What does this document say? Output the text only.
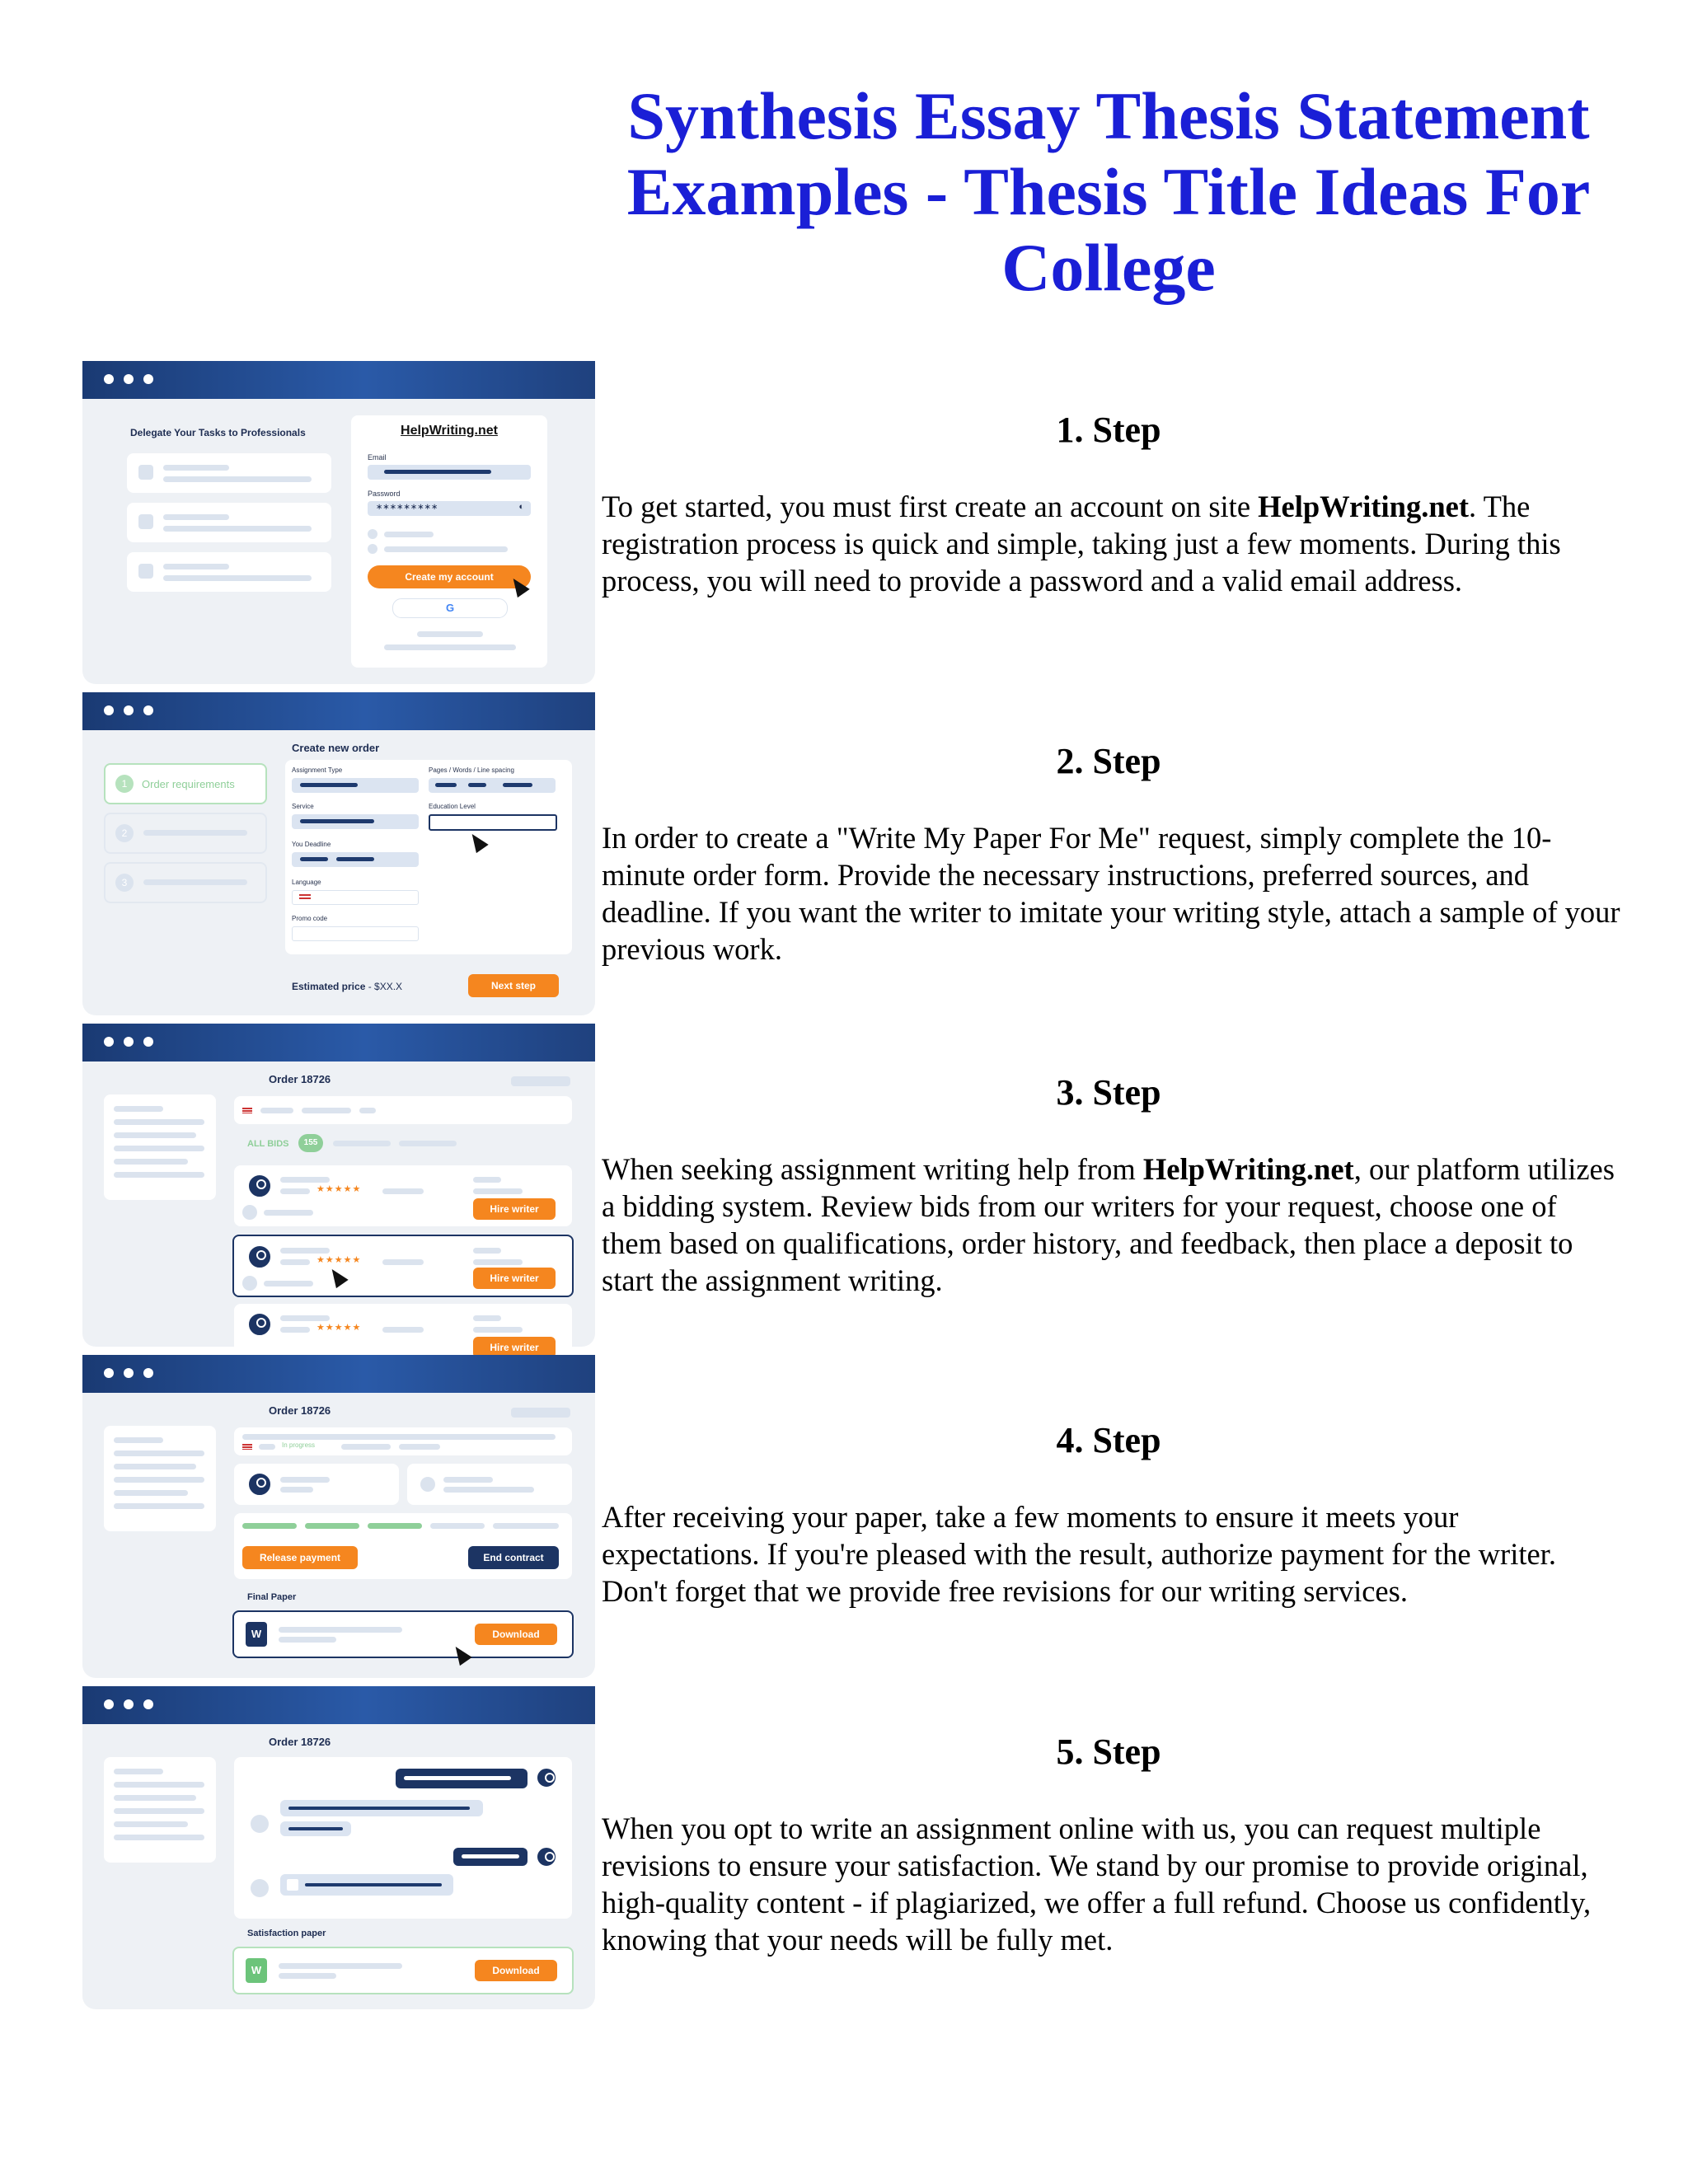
Synthesis Essay Thesis Statement Examples - Thesis Title Ideas For College
Delegate Your Tasks to Professionals	HelpWriting.net
Email
Password
∗∗∗∗∗∗∗∗∗	◐
Create my account
G
1. Step

To get started, you must first create an account on site HelpWriting.net. The registration process is quick and simple, taking just a few moments. During this process, you will need to provide a password and a valid email address.

1	Order requirements
2
3
Create new order
Assignment Type	Pages / Words / Line spacing
Service	Education Level
You Deadline
Language
Promo code
Estimated price - $XX.X	Next step
2. Step

In order to create a "Write My Paper For Me" request, simply complete the 10-minute order form. Provide the necessary instructions, preferred sources, and deadline. If you want the writer to imitate your writing style, attach a sample of your previous work.

Order 18726
ALL BIDS	155
★★★★★
Hire writer
★★★★★
Hire writer
★★★★★
Hire writer
3. Step

When seeking assignment writing help from HelpWriting.net, our platform utilizes a bidding system. Review bids from our writers for your request, choose one of them based on qualifications, order history, and feedback, then place a deposit to start the assignment writing.

Order 18726
In progress
Release payment	End contract
Final Paper
W	Download
4. Step

After receiving your paper, take a few moments to ensure it meets your expectations. If you're pleased with the result, authorize payment for the writer. Don't forget that we provide free revisions for our writing services.

Order 18726
Satisfaction paper
W	Download
5. Step

When you opt to write an assignment online with us, you can request multiple revisions to ensure your satisfaction. We stand by our promise to provide original, high-quality content - if plagiarized, we offer a full refund. Choose us confidently, knowing that your needs will be fully met.
